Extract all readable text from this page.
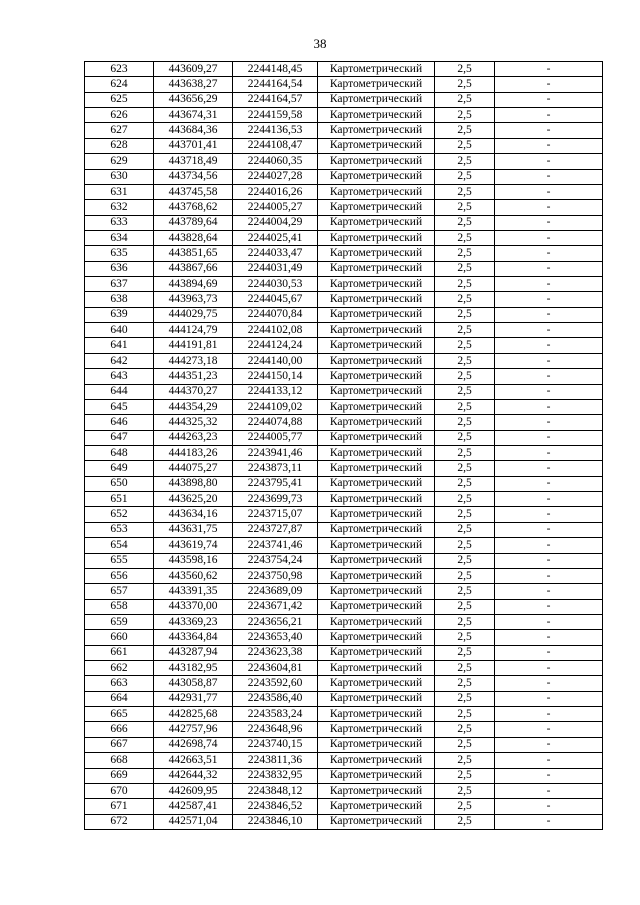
38
623	443609,27	2244148,45	Картометрический	2,5	-
624	443638,27	2244164,54	Картометрический	2,5	-
625	443656,29	2244164,57	Картометрический	2,5	-
626	443674,31	2244159,58	Картометрический	2,5	-
627	443684,36	2244136,53	Картометрический	2,5	-
628	443701,41	2244108,47	Картометрический	2,5	-
629	443718,49	2244060,35	Картометрический	2,5	-
630	443734,56	2244027,28	Картометрический	2,5	-
631	443745,58	2244016,26	Картометрический	2,5	-
632	443768,62	2244005,27	Картометрический	2,5	-
633	443789,64	2244004,29	Картометрический	2,5	-
634	443828,64	2244025,41	Картометрический	2,5	-
635	443851,65	2244033,47	Картометрический	2,5	-
636	443867,66	2244031,49	Картометрический	2,5	-
637	443894,69	2244030,53	Картометрический	2,5	-
638	443963,73	2244045,67	Картометрический	2,5	-
639	444029,75	2244070,84	Картометрический	2,5	-
640	444124,79	2244102,08	Картометрический	2,5	-
641	444191,81	2244124,24	Картометрический	2,5	-
642	444273,18	2244140,00	Картометрический	2,5	-
643	444351,23	2244150,14	Картометрический	2,5	-
644	444370,27	2244133,12	Картометрический	2,5	-
645	444354,29	2244109,02	Картометрический	2,5	-
646	444325,32	2244074,88	Картометрический	2,5	-
647	444263,23	2244005,77	Картометрический	2,5	-
648	444183,26	2243941,46	Картометрический	2,5	-
649	444075,27	2243873,11	Картометрический	2,5	-
650	443898,80	2243795,41	Картометрический	2,5	-
651	443625,20	2243699,73	Картометрический	2,5	-
652	443634,16	2243715,07	Картометрический	2,5	-
653	443631,75	2243727,87	Картометрический	2,5	-
654	443619,74	2243741,46	Картометрический	2,5	-
655	443598,16	2243754,24	Картометрический	2,5	-
656	443560,62	2243750,98	Картометрический	2,5	-
657	443391,35	2243689,09	Картометрический	2,5	-
658	443370,00	2243671,42	Картометрический	2,5	-
659	443369,23	2243656,21	Картометрический	2,5	-
660	443364,84	2243653,40	Картометрический	2,5	-
661	443287,94	2243623,38	Картометрический	2,5	-
662	443182,95	2243604,81	Картометрический	2,5	-
663	443058,87	2243592,60	Картометрический	2,5	-
664	442931,77	2243586,40	Картометрический	2,5	-
665	442825,68	2243583,24	Картометрический	2,5	-
666	442757,96	2243648,96	Картометрический	2,5	-
667	442698,74	2243740,15	Картометрический	2,5	-
668	442663,51	2243811,36	Картометрический	2,5	-
669	442644,32	2243832,95	Картометрический	2,5	-
670	442609,95	2243848,12	Картометрический	2,5	-
671	442587,41	2243846,52	Картометрический	2,5	-
672	442571,04	2243846,10	Картометрический	2,5	-
